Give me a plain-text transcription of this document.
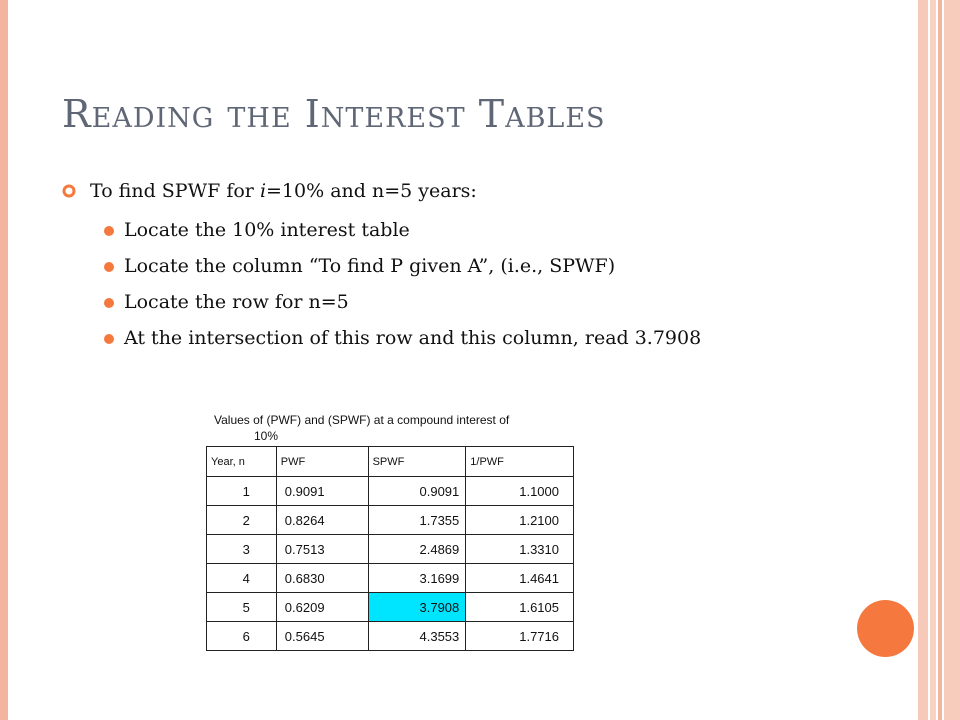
Reading the Interest Tables
To find SPWF for i=10% and n=5 years:
Locate the 10% interest table
Locate the column “To find P given A”, (i.e., SPWF)
Locate the row for n=5
At the intersection of this row and this column, read 3.7908
Values of (PWF) and (SPWF) at a compound interest of
10%
Year, n	PWF	SPWF	1/PWF
1	0.9091	0.9091	1.1000
2	0.8264	1.7355	1.2100
3	0.7513	2.4869	1.3310
4	0.6830	3.1699	1.4641
5	0.6209	3.7908	1.6105
6	0.5645	4.3553	1.7716
